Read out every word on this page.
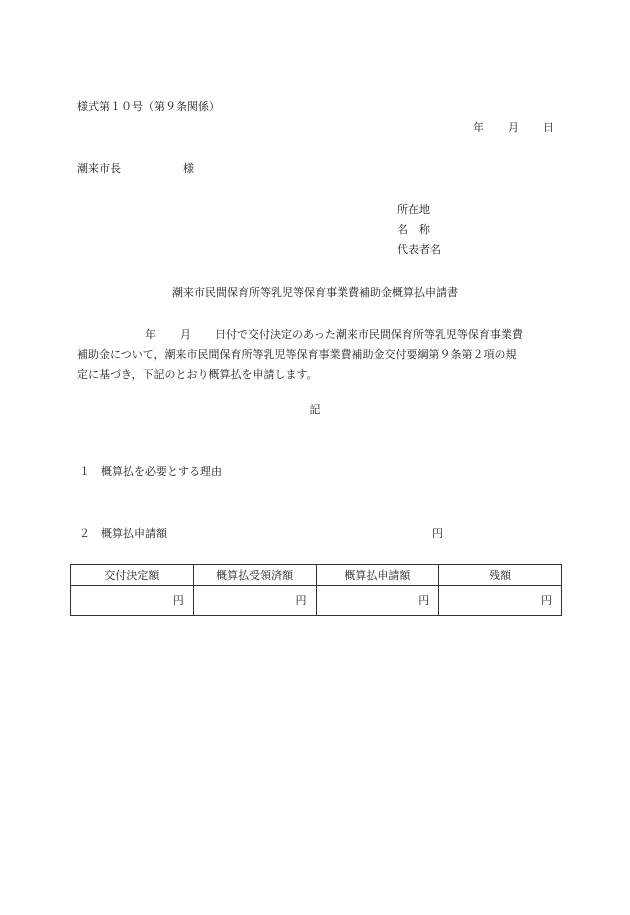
様式第１０号（第９条関係）
年 月 日
潮来市長	様
所在地
名 称
代表者名
潮来市民間保育所等乳児等保育事業費補助金概算払申請書
年 月 日付で交付決定のあった潮来市民間保育所等乳児等保育事業費
補助金について，潮来市民間保育所等乳児等保育事業費補助金交付要綱第９条第２項の規
定に基づき，下記のとおり概算払を申請します。
記
１ 概算払を必要とする理由
２ 概算払申請額	円
交付決定額	概算払受領済額	概算払申請額	残額
円	円	円	円
